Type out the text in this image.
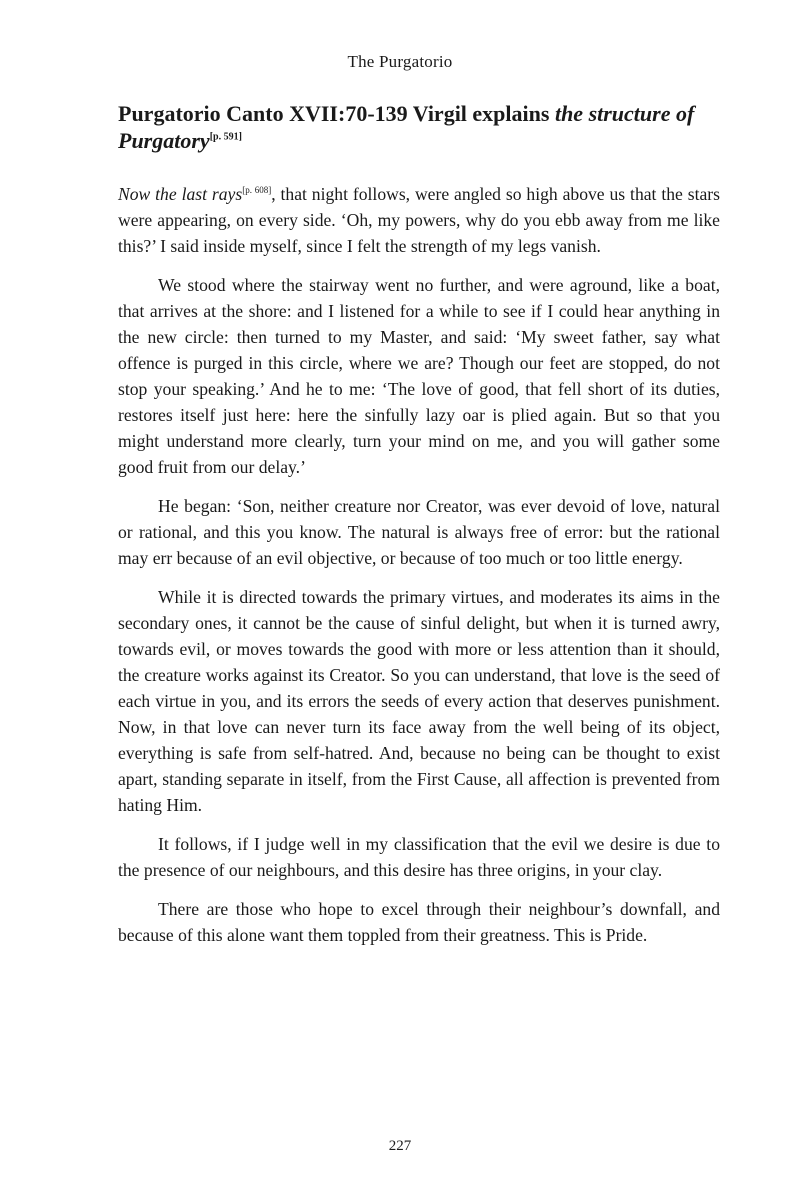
The Purgatorio
Purgatorio Canto XVII:70-139 Virgil explains the structure of Purgatory[p. 591]

Now the last rays[p. 608], that night follows, were angled so high above us that the stars were appearing, on every side. ‘Oh, my powers, why do you ebb away from me like this?’ I said inside myself, since I felt the strength of my legs vanish.

We stood where the stairway went no further, and were aground, like a boat, that arrives at the shore: and I listened for a while to see if I could hear anything in the new circle: then turned to my Master, and said: ‘My sweet father, say what offence is purged in this circle, where we are? Though our feet are stopped, do not stop your speaking.’ And he to me: ‘The love of good, that fell short of its duties, restores itself just here: here the sinfully lazy oar is plied again. But so that you might understand more clearly, turn your mind on me, and you will gather some good fruit from our delay.’

He began: ‘Son, neither creature nor Creator, was ever devoid of love, natural or rational, and this you know. The natural is always free of error: but the rational may err because of an evil objective, or because of too much or too little energy.

While it is directed towards the primary virtues, and moderates its aims in the secondary ones, it cannot be the cause of sinful delight, but when it is turned awry, towards evil, or moves towards the good with more or less attention than it should, the creature works against its Creator. So you can understand, that love is the seed of each virtue in you, and its errors the seeds of every action that deserves punishment. Now, in that love can never turn its face away from the well being of its object, everything is safe from self-hatred. And, because no being can be thought to exist apart, standing separate in itself, from the First Cause, all affection is prevented from hating Him.

It follows, if I judge well in my classification that the evil we desire is due to the presence of our neighbours, and this desire has three origins, in your clay.

There are those who hope to excel through their neighbour’s downfall, and because of this alone want them toppled from their greatness. This is Pride.

227
